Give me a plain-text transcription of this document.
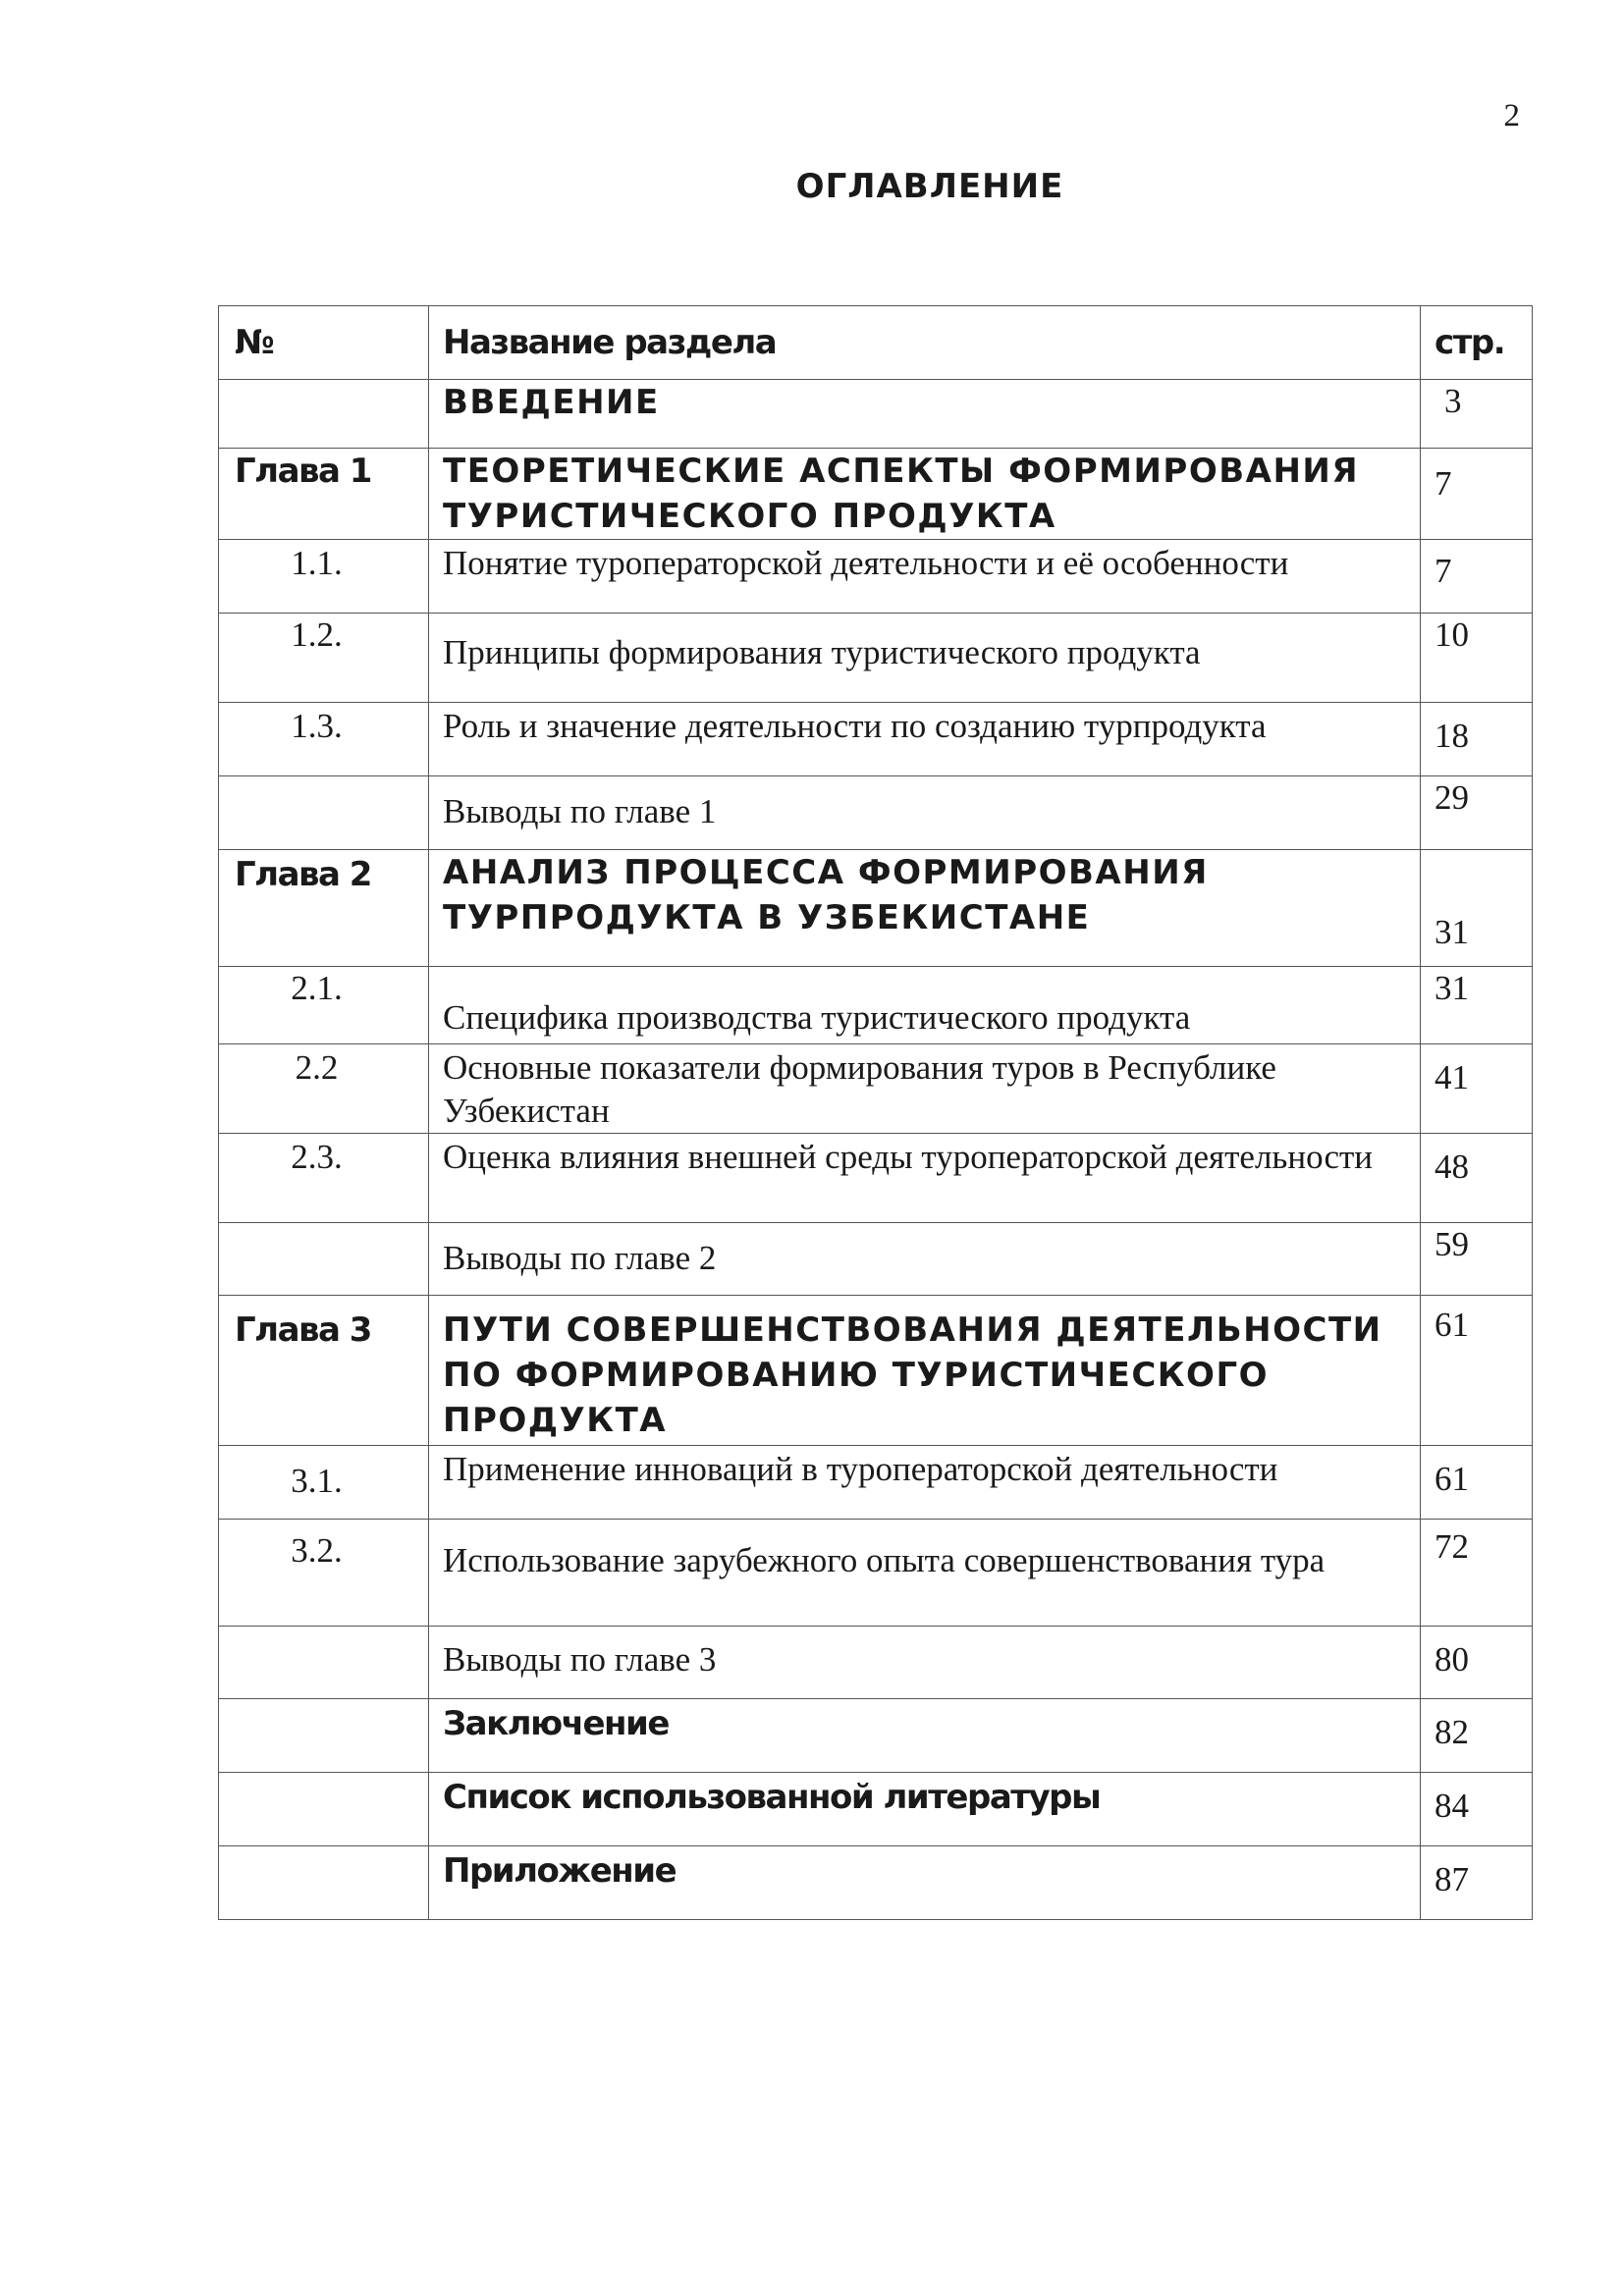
2
ОГЛАВЛЕНИЕ
№	Название раздела	стр.

	ВВЕДЕНИЕ	3
Глава 1	ТЕОРЕТИЧЕСКИЕ АСПЕКТЫ ФОРМИРОВАНИЯ ТУРИСТИЧЕСКОГО ПРОДУКТА	7
1.1.	Понятие туроператорской деятельности и её особенности	7
1.2.	Принципы формирования туристического продукта	10
1.3.	Роль и значение деятельности по созданию турпродукта	18

	Выводы по главе 1	29
Глава 2	АНАЛИЗ ПРОЦЕССА ФОРМИРОВАНИЯ ТУРПРОДУКТА В УЗБЕКИСТАНЕ	31
2.1.	Специфика производства туристического продукта	31
2.2	Основные показатели формирования туров в Республике Узбекистан	41
2.3.	Оценка влияния внешней среды туроператорской деятельности	48

	Выводы по главе 2	59
Глава 3	ПУТИ СОВЕРШЕНСТВОВАНИЯ ДЕЯТЕЛЬНОСТИ ПО ФОРМИРОВАНИЮ ТУРИСТИЧЕСКОГО ПРОДУКТА	61
3.1.	Применение инноваций в туроператорской деятельности	61
3.2.	Использование зарубежного опыта совершенствования тура	72

	Выводы по главе 3	80

	Заключение	82

	Список использованной литературы	84

	Приложение	87
